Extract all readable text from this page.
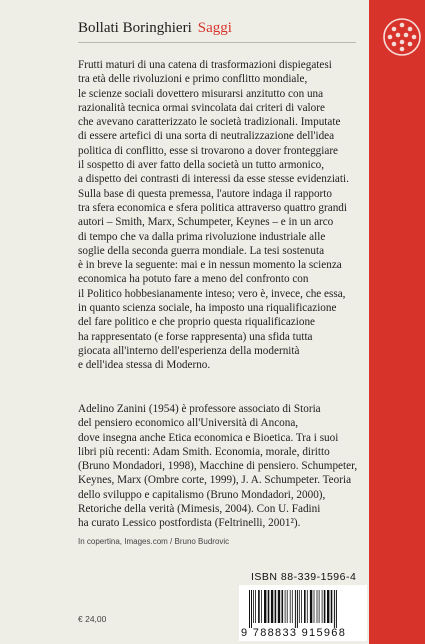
Bollati Boringhieri Saggi
Frutti maturi di una catena di trasformazioni dispiegatesi
tra età delle rivoluzioni e primo conflitto mondiale,
le scienze sociali dovettero misurarsi anzitutto con una
razionalità tecnica ormai svincolata dai criteri di valore
che avevano caratterizzato le società tradizionali. Imputate
di essere artefici di una sorta di neutralizzazione dell'idea
politica di conflitto, esse si trovarono a dover fronteggiare
il sospetto di aver fatto della società un tutto armonico,
a dispetto dei contrasti di interessi da esse stesse evidenziati.
Sulla base di questa premessa, l'autore indaga il rapporto
tra sfera economica e sfera politica attraverso quattro grandi
autori – Smith, Marx, Schumpeter, Keynes – e in un arco
di tempo che va dalla prima rivoluzione industriale alle
soglie della seconda guerra mondiale. La tesi sostenuta
è in breve la seguente: mai e in nessun momento la scienza
economica ha potuto fare a meno del confronto con
il Politico hobbesianamente inteso; vero è, invece, che essa,
in quanto scienza sociale, ha imposto una riqualificazione
del fare politico e che proprio questa riqualificazione
ha rappresentato (e forse rappresenta) una sfida tutta
giocata all'interno dell'esperienza della modernità
e dell'idea stessa di Moderno.
Adelino Zanini (1954) è professore associato di Storia
del pensiero economico all'Università di Ancona,
dove insegna anche Etica economica e Bioetica. Tra i suoi
libri più recenti: Adam Smith. Economia, morale, diritto
(Bruno Mondadori, 1998), Macchine di pensiero. Schumpeter,
Keynes, Marx (Ombre corte, 1999), J. A. Schumpeter. Teoria
dello sviluppo e capitalismo (Bruno Mondadori, 2000),
Retoriche della verità (Mimesis, 2004). Con U. Fadini
ha curato Lessico postfordista (Feltrinelli, 2001²).
In copertina, Images.com / Bruno Budrovic
€ 24,00
ISBN 88-339-1596-4
9 788833 915968
